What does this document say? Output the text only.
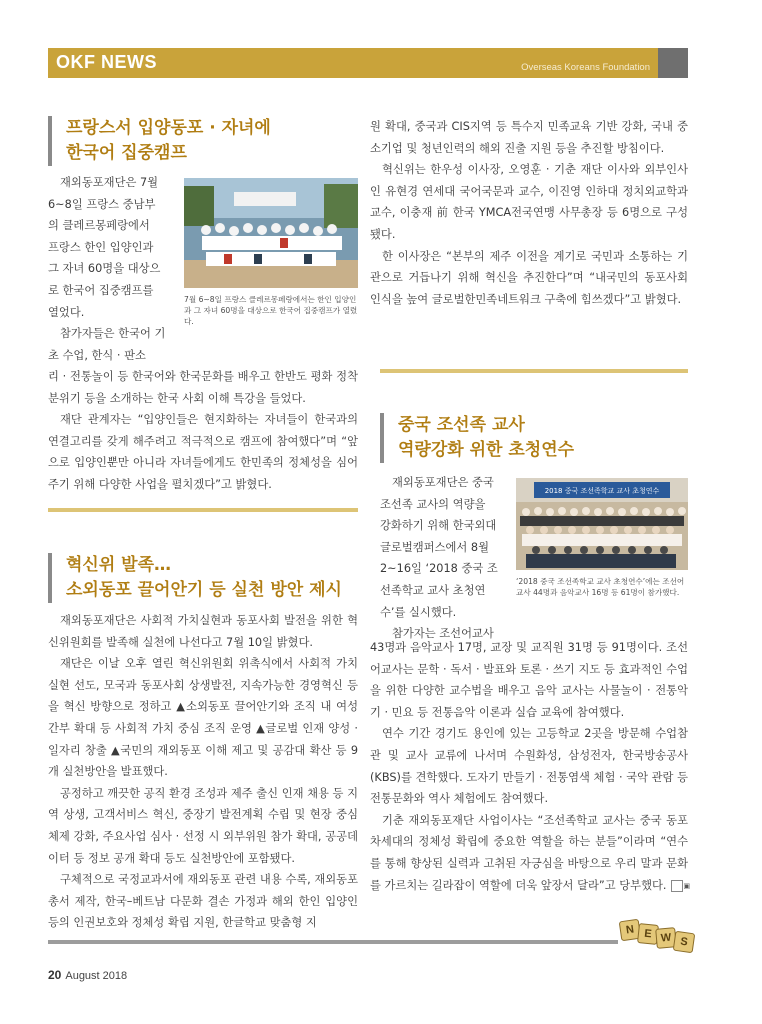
OKF NEWS	Overseas Koreans Foundation
프랑스서 입양동포 · 자녀에
한국어 집중캠프

재외동포재단은 7월

6~8일 프랑스 중남부

의 클레르몽페랑에서

프랑스 한인 입양인과

그 자녀 60명을 대상으

로 한국어 집중캠프를

열었다.

참가자들은 한국어 기

초 수업, 한식 · 판소

7월 6~8일 프랑스 클레르몽페랑에서는 한인 입양인과 그 자녀 60명을 대상으로 한국어 집중캠프가 열렸다.

리 · 전통놀이 등 한국어와 한국문화를 배우고 한반도 평화 정착 분위기 등을 소개하는 한국 사회 이해 특강을 들었다.

재단 관계자는 “입양인들은 현지화하는 자녀들이 한국과의 연결고리를 갖게 해주려고 적극적으로 캠프에 참여했다”며 “앞으로 입양인뿐만 아니라 자녀들에게도 한민족의 정체성을 심어주기 위해 다양한 사업을 펼치겠다”고 밝혔다.

혁신위 발족…
소외동포 끌어안기 등 실천 방안 제시

재외동포재단은 사회적 가치실현과 동포사회 발전을 위한 혁신위원회를 발족해 실천에 나선다고 7월 10일 밝혔다.

재단은 이날 오후 열린 혁신위원회 위촉식에서 사회적 가치 실현 선도, 모국과 동포사회 상생발전, 지속가능한 경영혁신 등을 혁신 방향으로 정하고 ▲소외동포 끌어안기와 조직 내 여성간부 확대 등 사회적 가치 중심 조직 운영 ▲글로벌 인재 양성 · 일자리 창출 ▲국민의 재외동포 이해 제고 및 공감대 확산 등 9개 실천방안을 발표했다.

공정하고 깨끗한 공직 환경 조성과 제주 출신 인재 채용 등 지역 상생, 고객서비스 혁신, 중장기 발전계획 수립 및 현장 중심 체제 강화, 주요사업 심사 · 선정 시 외부위원 참가 확대, 공공데이터 등 정보 공개 확대 등도 실천방안에 포함됐다.

구체적으로 국정교과서에 재외동포 관련 내용 수록, 재외동포 총서 제작, 한국–베트남 다문화 결손 가정과 해외 한인 입양인 등의 인권보호와 정체성 확립 지원, 한글학교 맞춤형 지

원 확대, 중국과 CIS지역 등 특수지 민족교육 기반 강화, 국내 중소기업 및 청년인력의 해외 진출 지원 등을 추진할 방침이다.

혁신위는 한우성 이사장, 오영훈 · 기춘 재단 이사와 외부인사인 유현경 연세대 국어국문과 교수, 이진영 인하대 정치외교학과 교수, 이충재 前 한국 YMCA전국연맹 사무총장 등 6명으로 구성됐다.

한 이사장은 “본부의 제주 이전을 계기로 국민과 소통하는 기관으로 거듭나기 위해 혁신을 추진한다”며 “내국민의 동포사회 인식을 높여 글로벌한민족네트워크 구축에 힘쓰겠다”고 밝혔다.

중국 조선족 교사
역량강화 위한 초청연수

재외동포재단은 중국

조선족 교사의 역량을

강화하기 위해 한국외대

글로벌캠퍼스에서 8월

2~16일 ‘2018 중국 조

선족학교 교사 초청연

수’를 실시했다.

참가자는 조선어교사

2018 중국 조선족학교 교사 초청연수
‘2018 중국 조선족학교 교사 초청연수’에는 조선어교사 44명과 음악교사 16명 등 61명이 참가했다.

43명과 음악교사 17명, 교장 및 교직원 31명 등 91명이다. 조선어교사는 문학 · 독서 · 발표와 토론 · 쓰기 지도 등 효과적인 수업을 위한 다양한 교수법을 배우고 음악 교사는 사물놀이 · 전통악기 · 민요 등 전통음악 이론과 실습 교육에 참여했다.

연수 기간 경기도 용인에 있는 고등학교 2곳을 방문해 수업참관 및 교사 교류에 나서며 수원화성, 삼성전자, 한국방송공사(KBS)를 견학했다. 도자기 만들기 · 전통염색 체험 · 국악 관람 등 전통문화와 역사 체험에도 참여했다.

기춘 재외동포재단 사업이사는 “조선족학교 교사는 중국 동포 차세대의 정체성 확립에 중요한 역할을 하는 분들”이라며 “연수를 통해 향상된 실력과 고취된 자긍심을 바탕으로 우리 말과 문화를 가르치는 길라잡이 역할에 더욱 앞장서 달라”고 당부했다. ▣

N E W S
20 August 2018
